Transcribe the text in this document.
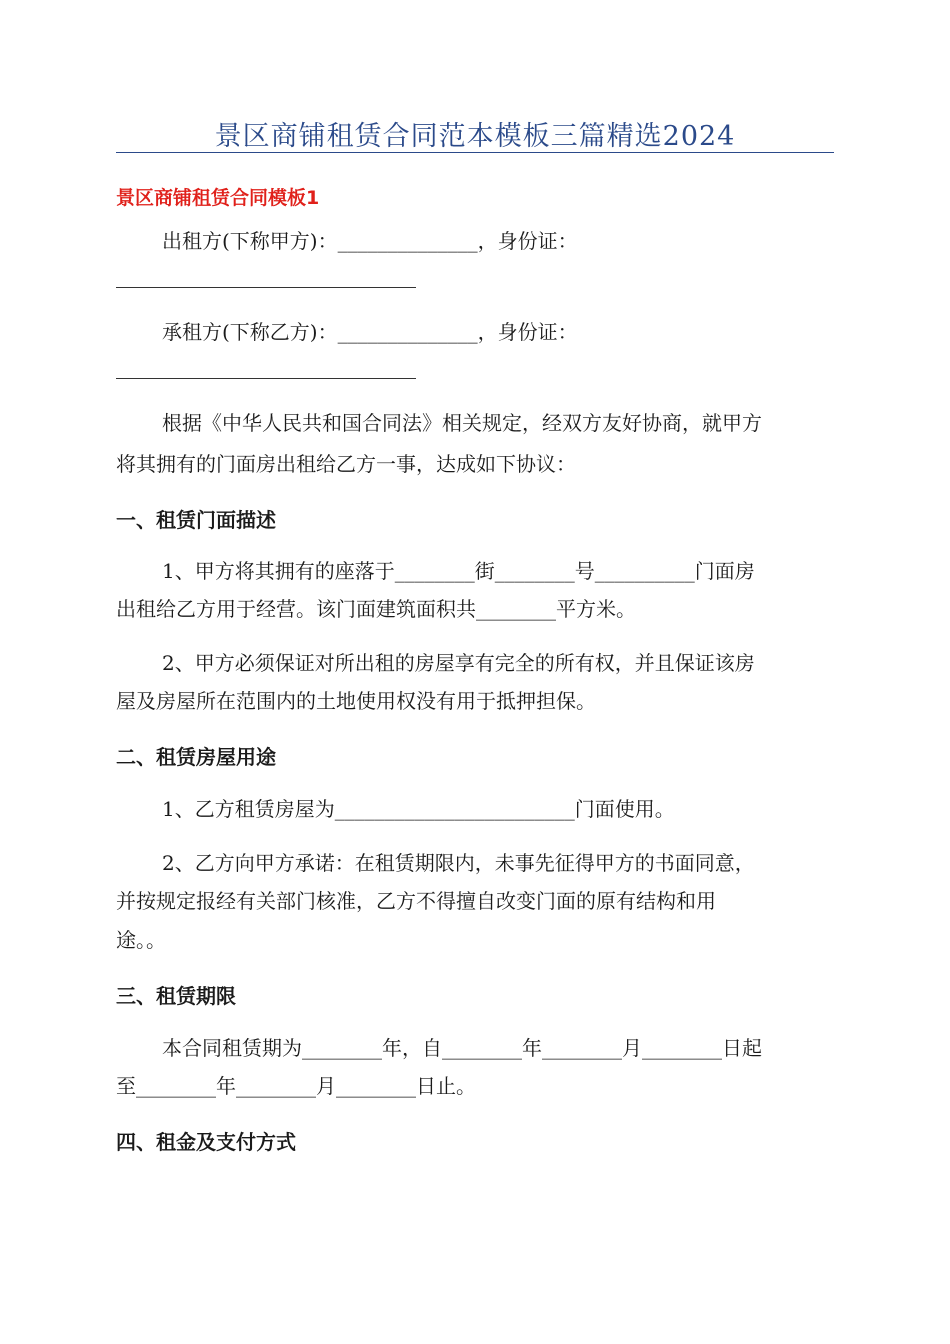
景区商铺租赁合同范本模板三篇精选2024
景区商铺租赁合同模板1
出租方(下称甲方)：______________，身份证：
承租方(下称乙方)：______________，身份证：
根据《中华人民共和国合同法》相关规定，经双方友好协商，就甲方
将其拥有的门面房出租给乙方一事，达成如下协议：
一、租赁门面描述
1、甲方将其拥有的座落于________街________号__________门面房
出租给乙方用于经营。该门面建筑面积共________平方米。
2、甲方必须保证对所出租的房屋享有完全的所有权，并且保证该房
屋及房屋所在范围内的土地使用权没有用于抵押担保。
二、租赁房屋用途
1、乙方租赁房屋为________________________门面使用。
2、乙方向甲方承诺：在租赁期限内，未事先征得甲方的书面同意，
并按规定报经有关部门核准，乙方不得擅自改变门面的原有结构和用
途。。
三、租赁期限
本合同租赁期为________年，自________年________月________日起
至________年________月________日止。
四、租金及支付方式
